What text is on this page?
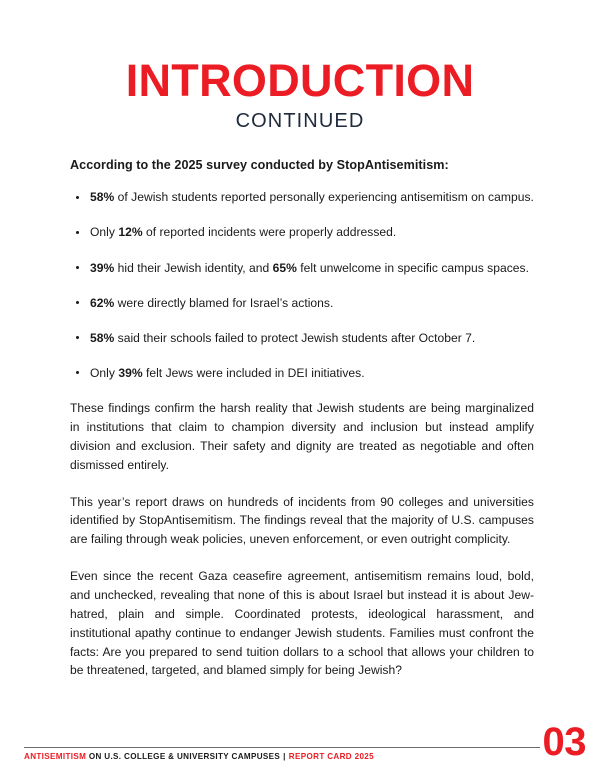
INTRODUCTION
CONTINUED

According to the 2025 survey conducted by StopAntisemitism:

58% of Jewish students reported personally experiencing antisemitism on campus.
Only 12% of reported incidents were properly addressed.
39% hid their Jewish identity, and 65% felt unwelcome in specific campus spaces.
62% were directly blamed for Israel’s actions.
58% said their schools failed to protect Jewish students after October 7.
Only 39% felt Jews were included in DEI initiatives.

These findings confirm the harsh reality that Jewish students are being marginalized in institutions that claim to champion diversity and inclusion but instead amplify division and exclusion. Their safety and dignity are treated as negotiable and often dismissed entirely.

This year’s report draws on hundreds of incidents from 90 colleges and universities identified by StopAntisemitism. The findings reveal that the majority of U.S. campuses are failing through weak policies, uneven enforcement, or even outright complicity.

Even since the recent Gaza ceasefire agreement, antisemitism remains loud, bold, and unchecked, revealing that none of this is about Israel but instead it is about Jew-hatred, plain and simple. Coordinated protests, ideological harassment, and institutional apathy continue to endanger Jewish students. Families must confront the facts: Are you prepared to send tuition dollars to a school that allows your children to be threatened, targeted, and blamed simply for being Jewish?

ANTISEMITISM ON U.S. COLLEGE & UNIVERSITY CAMPUSES | REPORT CARD 2025	03
